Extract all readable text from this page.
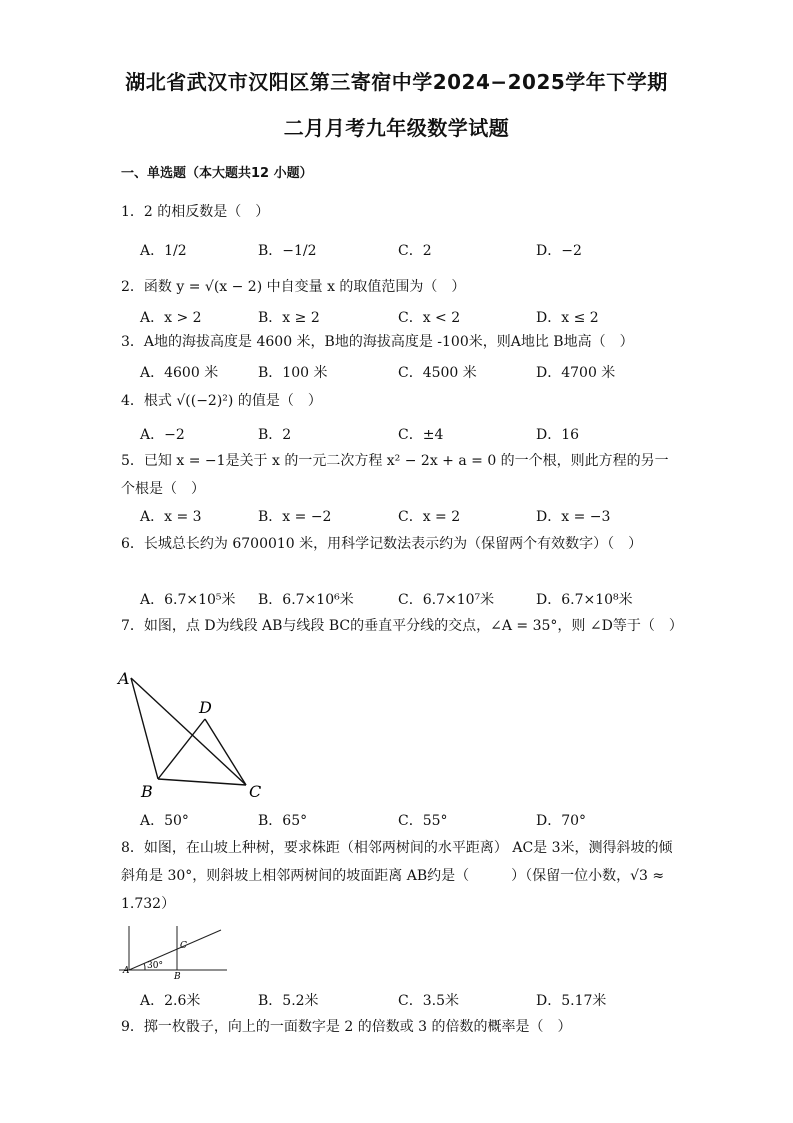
湖北省武汉市汉阳区第三寄宿中学2024−2025学年下学期
二月月考九年级数学试题
一、单选题（本大题共12 小题）
1．2 的相反数是（　）
A．1/2	B．−1/2	C．2	D．−2
2．函数 y = √(x − 2) 中自变量 x 的取值范围为（　）
A．x > 2	B．x ≥ 2	C．x < 2	D．x ≤ 2
3．A地的海拔高度是 4600 米，B地的海拔高度是 -100米，则A地比 B地高（　）
A．4600 米	B．100 米	C．4500 米	D．4700 米
4．根式 √((−2)²) 的值是（　）
A．−2	B．2	C．±4	D．16
5．已知 x = −1是关于 x 的一元二次方程 x² − 2x + a = 0 的一个根，则此方程的另一个根是（　）
A．x = 3	B．x = −2	C．x = 2	D．x = −3
6．长城总长约为 6700010 米，用科学记数法表示约为（保留两个有效数字）（　）
A．6.7×10⁵米 B．6.7×10⁶米	C．6.7×10⁷米	D．6.7×10⁸米
7．如图，点 D为线段 AB与线段 BC的垂直平分线的交点，∠A = 35°，则 ∠D等于（　）
A
D
B	C
A．50°	B．65°	C．55°	D．70°
8．如图，在山坡上种树，要求株距（相邻两树间的水平距离） AC是 3米，测得斜坡的倾斜角是 30°，则斜坡上相邻两树间的坡面距离 AB约是（　　　）（保留一位小数，√3 ≈ 1.732）
A
B
C
30°
A．2.6米	B．5.2米	C．3.5米	D．5.17米
9．掷一枚骰子，向上的一面数字是 2 的倍数或 3 的倍数的概率是（　）
